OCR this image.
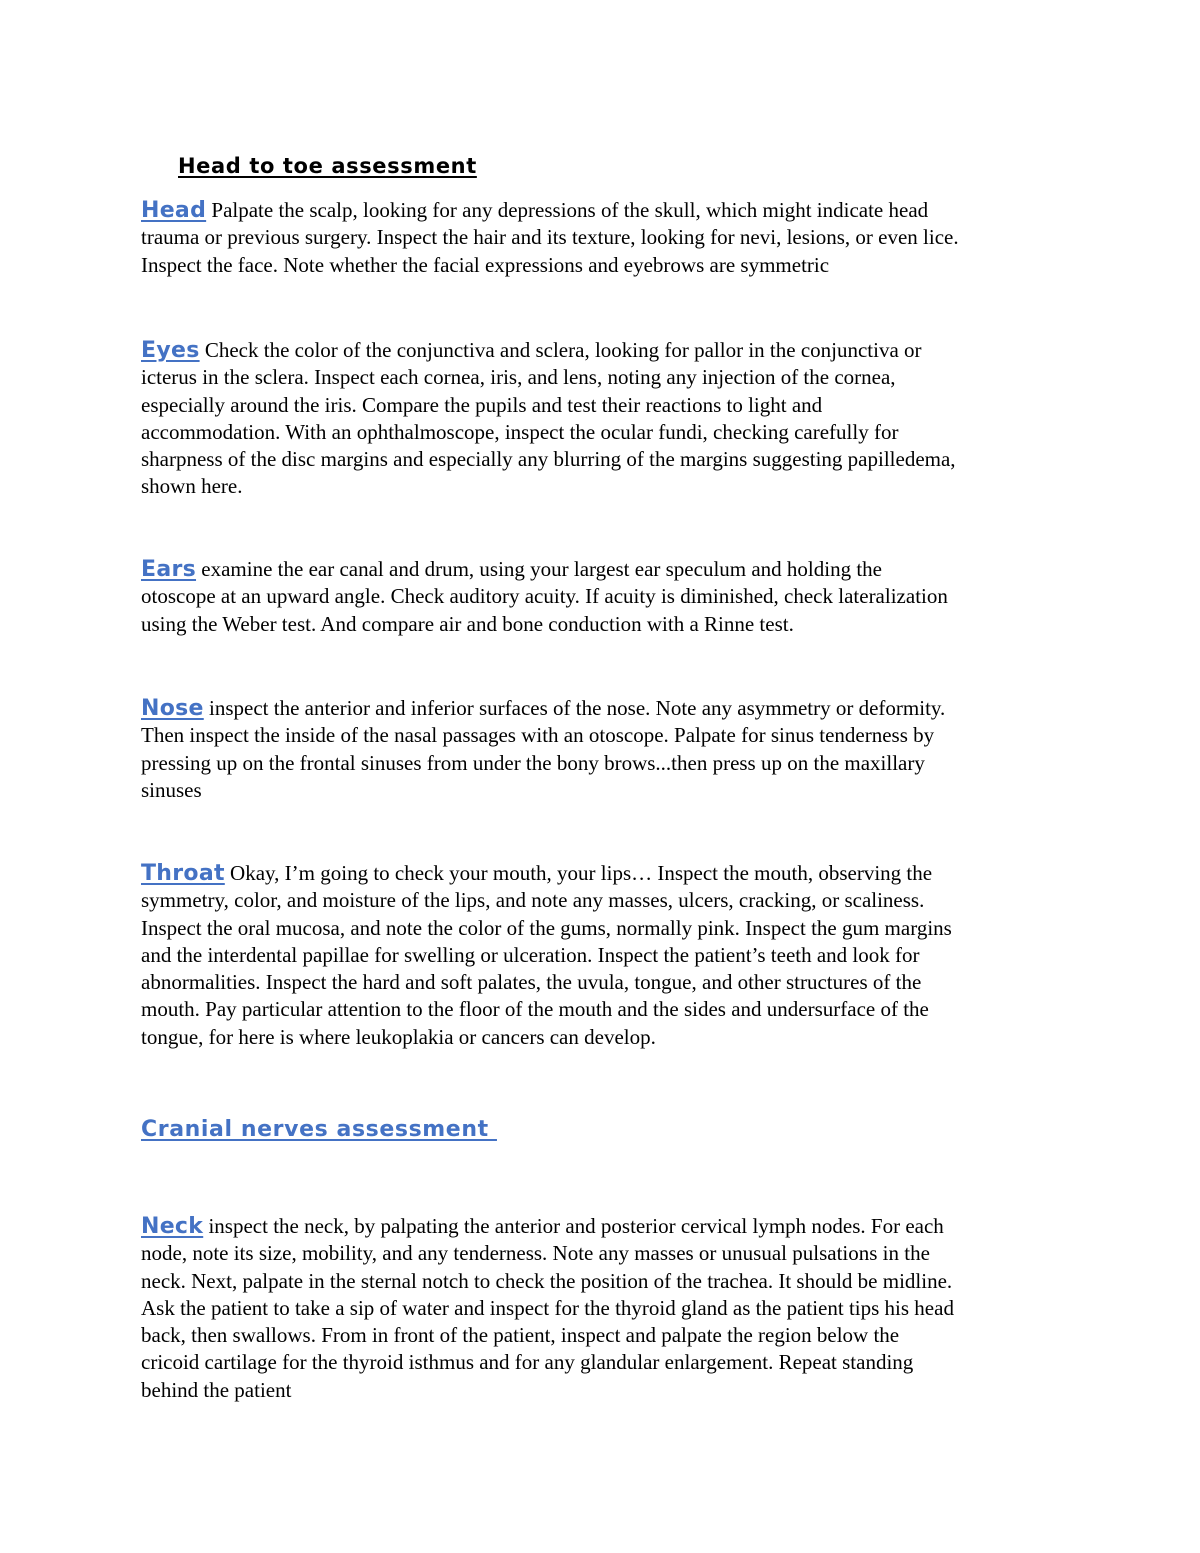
Head to toe assessment
Head Palpate the scalp, looking for any depressions of the skull, which might indicate head
trauma or previous surgery. Inspect the hair and its texture, looking for nevi, lesions, or even lice.
Inspect the face. Note whether the facial expressions and eyebrows are symmetric
Eyes Check the color of the conjunctiva and sclera, looking for pallor in the conjunctiva or
icterus in the sclera. Inspect each cornea, iris, and lens, noting any injection of the cornea,
especially around the iris. Compare the pupils and test their reactions to light and
accommodation. With an ophthalmoscope, inspect the ocular fundi, checking carefully for
sharpness of the disc margins and especially any blurring of the margins suggesting papilledema,
shown here.
Ears examine the ear canal and drum, using your largest ear speculum and holding the
otoscope at an upward angle. Check auditory acuity. If acuity is diminished, check lateralization
using the Weber test. And compare air and bone conduction with a Rinne test.
Nose inspect the anterior and inferior surfaces of the nose. Note any asymmetry or deformity.
Then inspect the inside of the nasal passages with an otoscope. Palpate for sinus tenderness by
pressing up on the frontal sinuses from under the bony brows...then press up on the maxillary
sinuses
Throat Okay, I’m going to check your mouth, your lips… Inspect the mouth, observing the
symmetry, color, and moisture of the lips, and note any masses, ulcers, cracking, or scaliness.
Inspect the oral mucosa, and note the color of the gums, normally pink. Inspect the gum margins
and the interdental papillae for swelling or ulceration. Inspect the patient’s teeth and look for
abnormalities. Inspect the hard and soft palates, the uvula, tongue, and other structures of the
mouth. Pay particular attention to the floor of the mouth and the sides and undersurface of the
tongue, for here is where leukoplakia or cancers can develop.
Cranial nerves assessment
Neck inspect the neck, by palpating the anterior and posterior cervical lymph nodes. For each
node, note its size, mobility, and any tenderness. Note any masses or unusual pulsations in the
neck. Next, palpate in the sternal notch to check the position of the trachea. It should be midline.
Ask the patient to take a sip of water and inspect for the thyroid gland as the patient tips his head
back, then swallows. From in front of the patient, inspect and palpate the region below the
cricoid cartilage for the thyroid isthmus and for any glandular enlargement. Repeat standing
behind the patient
